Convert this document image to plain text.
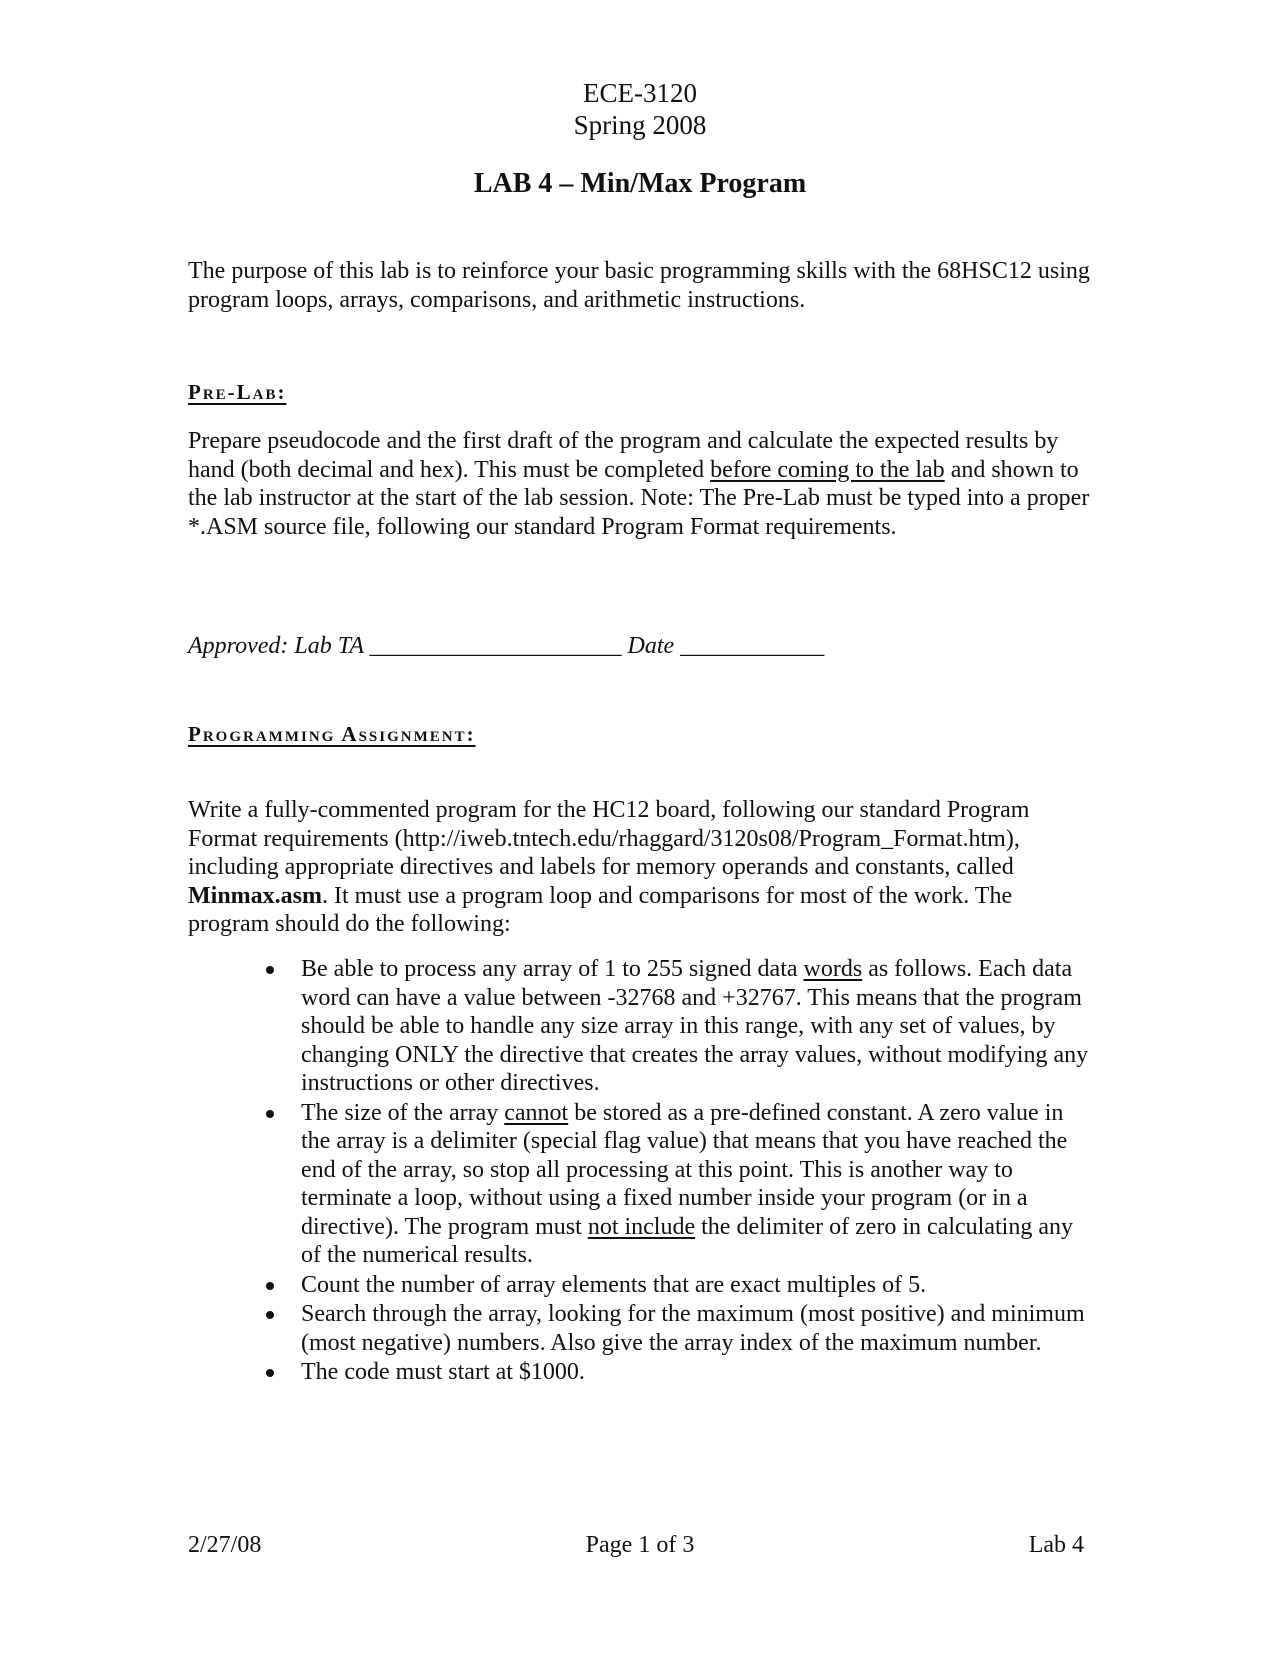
ECE-3120
Spring 2008
LAB 4 – Min/Max Program
The purpose of this lab is to reinforce your basic programming skills with the 68HSC12 using program loops, arrays, comparisons, and arithmetic instructions.
Pre-Lab:
Prepare pseudocode and the first draft of the program and calculate the expected results by hand (both decimal and hex). This must be completed before coming to the lab and shown to the lab instructor at the start of the lab session. Note: The Pre-Lab must be typed into a proper *.ASM source file, following our standard Program Format requirements.
Approved: Lab TA _____________________ Date ____________
Programming Assignment:
Write a fully-commented program for the HC12 board, following our standard Program Format requirements (http://iweb.tntech.edu/rhaggard/3120s08/Program_Format.htm), including appropriate directives and labels for memory operands and constants, called Minmax.asm. It must use a program loop and comparisons for most of the work. The program should do the following:
Be able to process any array of 1 to 255 signed data words as follows. Each data word can have a value between -32768 and +32767. This means that the program should be able to handle any size array in this range, with any set of values, by changing ONLY the directive that creates the array values, without modifying any instructions or other directives.
The size of the array cannot be stored as a pre-defined constant. A zero value in the array is a delimiter (special flag value) that means that you have reached the end of the array, so stop all processing at this point. This is another way to terminate a loop, without using a fixed number inside your program (or in a directive). The program must not include the delimiter of zero in calculating any of the numerical results.
Count the number of array elements that are exact multiples of 5.
Search through the array, looking for the maximum (most positive) and minimum (most negative) numbers. Also give the array index of the maximum number.
The code must start at $1000.
2/27/08	Page 1 of 3	Lab 4
